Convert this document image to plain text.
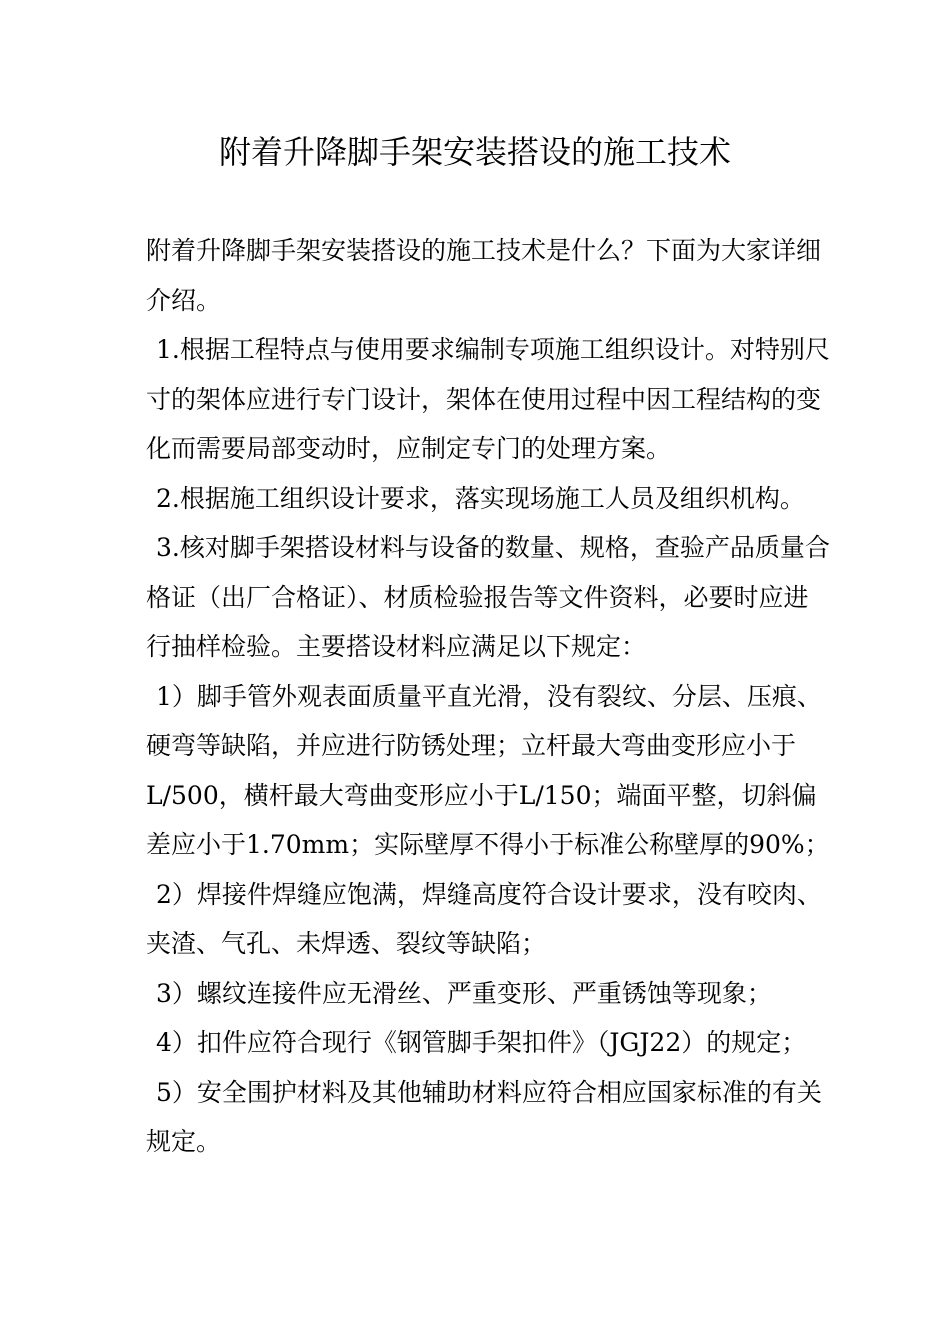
附着升降脚手架安装搭设的施工技术

附着升降脚手架安装搭设的施工技术是什么？下面为大家详细介绍。

1.根据工程特点与使用要求编制专项施工组织设计。对特别尺寸的架体应进行专门设计，架体在使用过程中因工程结构的变化而需要局部变动时，应制定专门的处理方案。

2.根据施工组织设计要求，落实现场施工人员及组织机构。

3.核对脚手架搭设材料与设备的数量、规格，查验产品质量合格证（出厂合格证）、材质检验报告等文件资料，必要时应进行抽样检验。主要搭设材料应满足以下规定：

1）脚手管外观表面质量平直光滑，没有裂纹、分层、压痕、硬弯等缺陷，并应进行防锈处理；立杆最大弯曲变形应小于L/500，横杆最大弯曲变形应小于L/150；端面平整，切斜偏差应小于1.70mm；实际壁厚不得小于标准公称壁厚的90%；

2）焊接件焊缝应饱满，焊缝高度符合设计要求，没有咬肉、夹渣、气孔、未焊透、裂纹等缺陷；

3）螺纹连接件应无滑丝、严重变形、严重锈蚀等现象；

4）扣件应符合现行《钢管脚手架扣件》（JGJ22）的规定；

5）安全围护材料及其他辅助材料应符合相应国家标准的有关规定。
